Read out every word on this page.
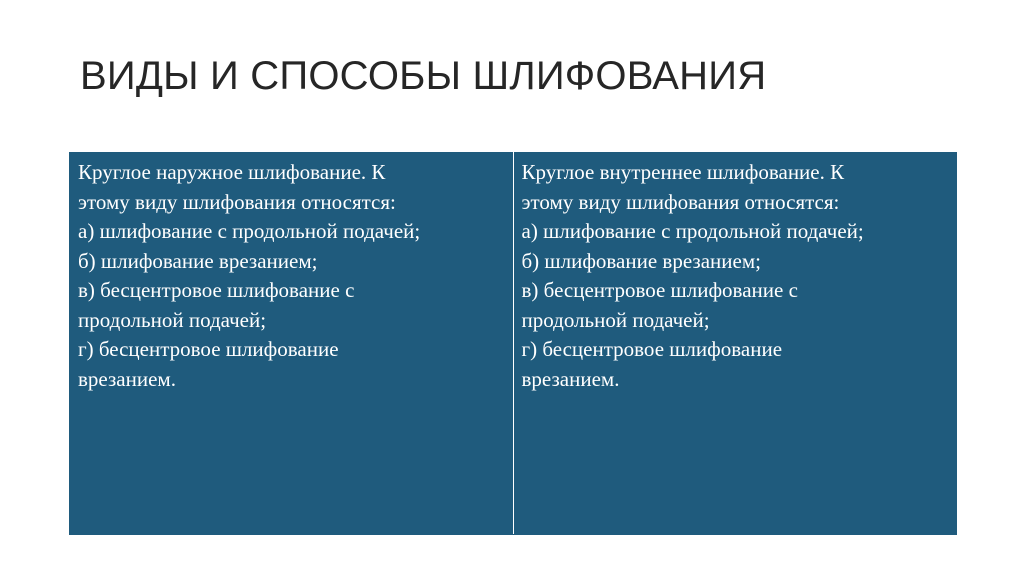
ВИДЫ И СПОСОБЫ ШЛИФОВАНИЯ
Круглое наружное шлифование. К
этому виду шлифования относятся:
а) шлифование с продольной подачей;
б) шлифование врезанием;
в) бесцентровое шлифование с
продольной подачей;
г) бесцентровое шлифование
врезанием.

Круглое внутреннее шлифование. К
этому виду шлифования относятся:
а) шлифование с продольной подачей;
б) шлифование врезанием;
в) бесцентровое шлифование с
продольной подачей;
г) бесцентровое шлифование
врезанием.
